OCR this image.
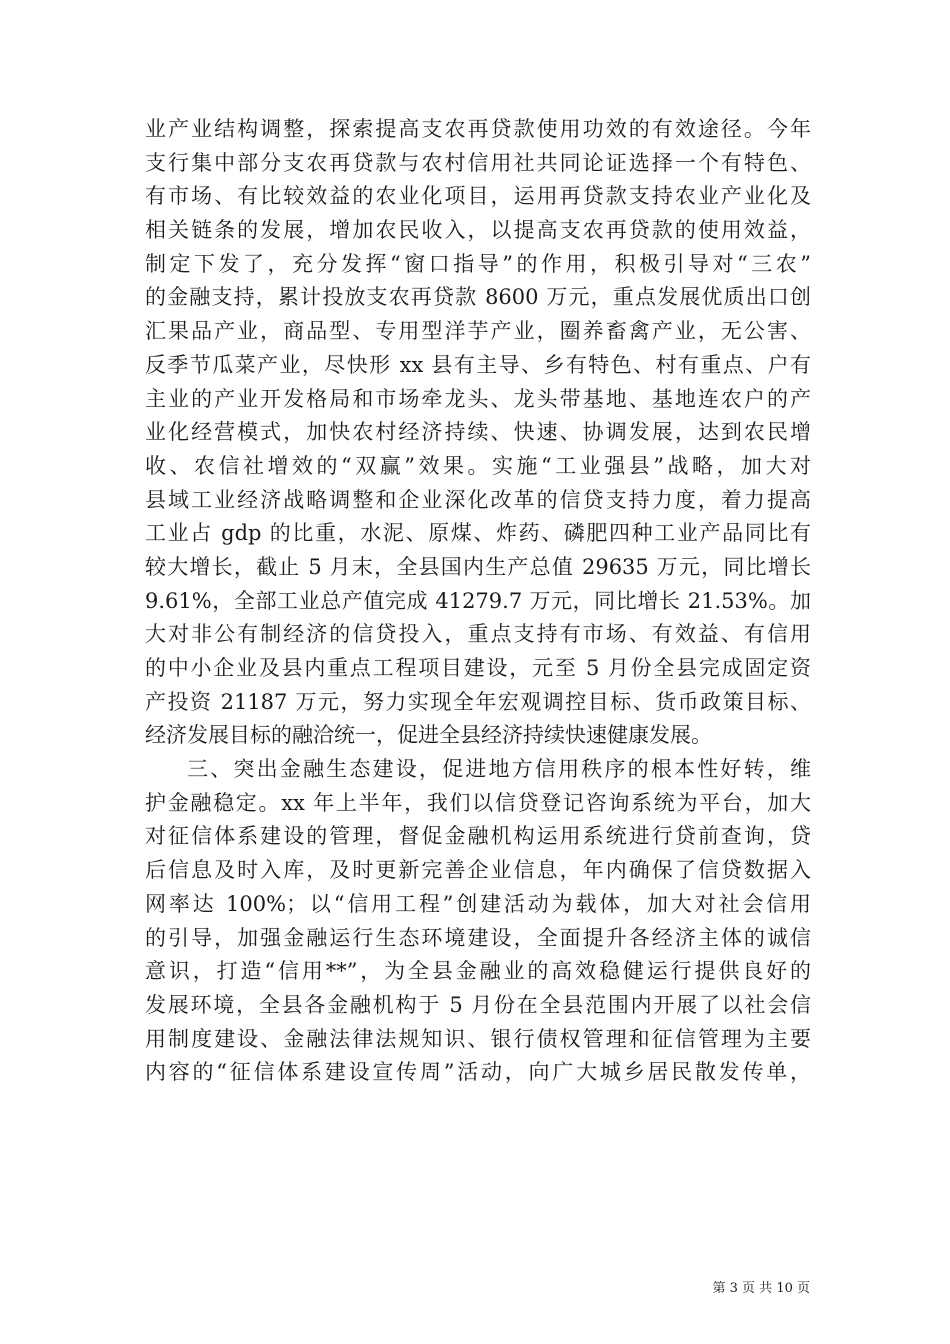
业产业结构调整，探索提高支农再贷款使用功效的有效途径。今年
支行集中部分支农再贷款与农村信用社共同论证选择一个有特色、
有市场、有比较效益的农业化项目，运用再贷款支持农业产业化及
相关链条的发展，增加农民收入，以提高支农再贷款的使用效益，
制定下发了，充分发挥“窗口指导”的作用，积极引导对“三农”
的金融支持，累计投放支农再贷款 8600 万元，重点发展优质出口创
汇果品产业，商品型、专用型洋芋产业，圈养畜禽产业，无公害、
反季节瓜菜产业，尽快形 xx 县有主导、乡有特色、村有重点、户有
主业的产业开发格局和市场牵龙头、龙头带基地、基地连农户的产
业化经营模式，加快农村经济持续、快速、协调发展，达到农民增
收、农信社增效的“双赢”效果。实施“工业强县”战略，加大对
县域工业经济战略调整和企业深化改革的信贷支持力度，着力提高
工业占 gdp 的比重，水泥、原煤、炸药、磷肥四种工业产品同比有
较大增长，截止 5 月末，全县国内生产总值 29635 万元，同比增长
9.61%，全部工业总产值完成 41279.7 万元，同比增长 21.53%。加
大对非公有制经济的信贷投入，重点支持有市场、有效益、有信用
的中小企业及县内重点工程项目建设，元至 5 月份全县完成固定资
产投资 21187 万元，努力实现全年宏观调控目标、货币政策目标、
经济发展目标的融洽统一，促进全县经济持续快速健康发展。
三、突出金融生态建设，促进地方信用秩序的根本性好转，维
护金融稳定。xx 年上半年，我们以信贷登记咨询系统为平台，加大
对征信体系建设的管理，督促金融机构运用系统进行贷前查询，贷
后信息及时入库，及时更新完善企业信息，年内确保了信贷数据入
网率达 100%；以“信用工程”创建活动为载体，加大对社会信用
的引导，加强金融运行生态环境建设，全面提升各经济主体的诚信
意识，打造“信用**”，为全县金融业的高效稳健运行提供良好的
发展环境，全县各金融机构于 5 月份在全县范围内开展了以社会信
用制度建设、金融法律法规知识、银行债权管理和征信管理为主要
内容的“征信体系建设宣传周”活动，向广大城乡居民散发传单，
第 3 页 共 10 页
